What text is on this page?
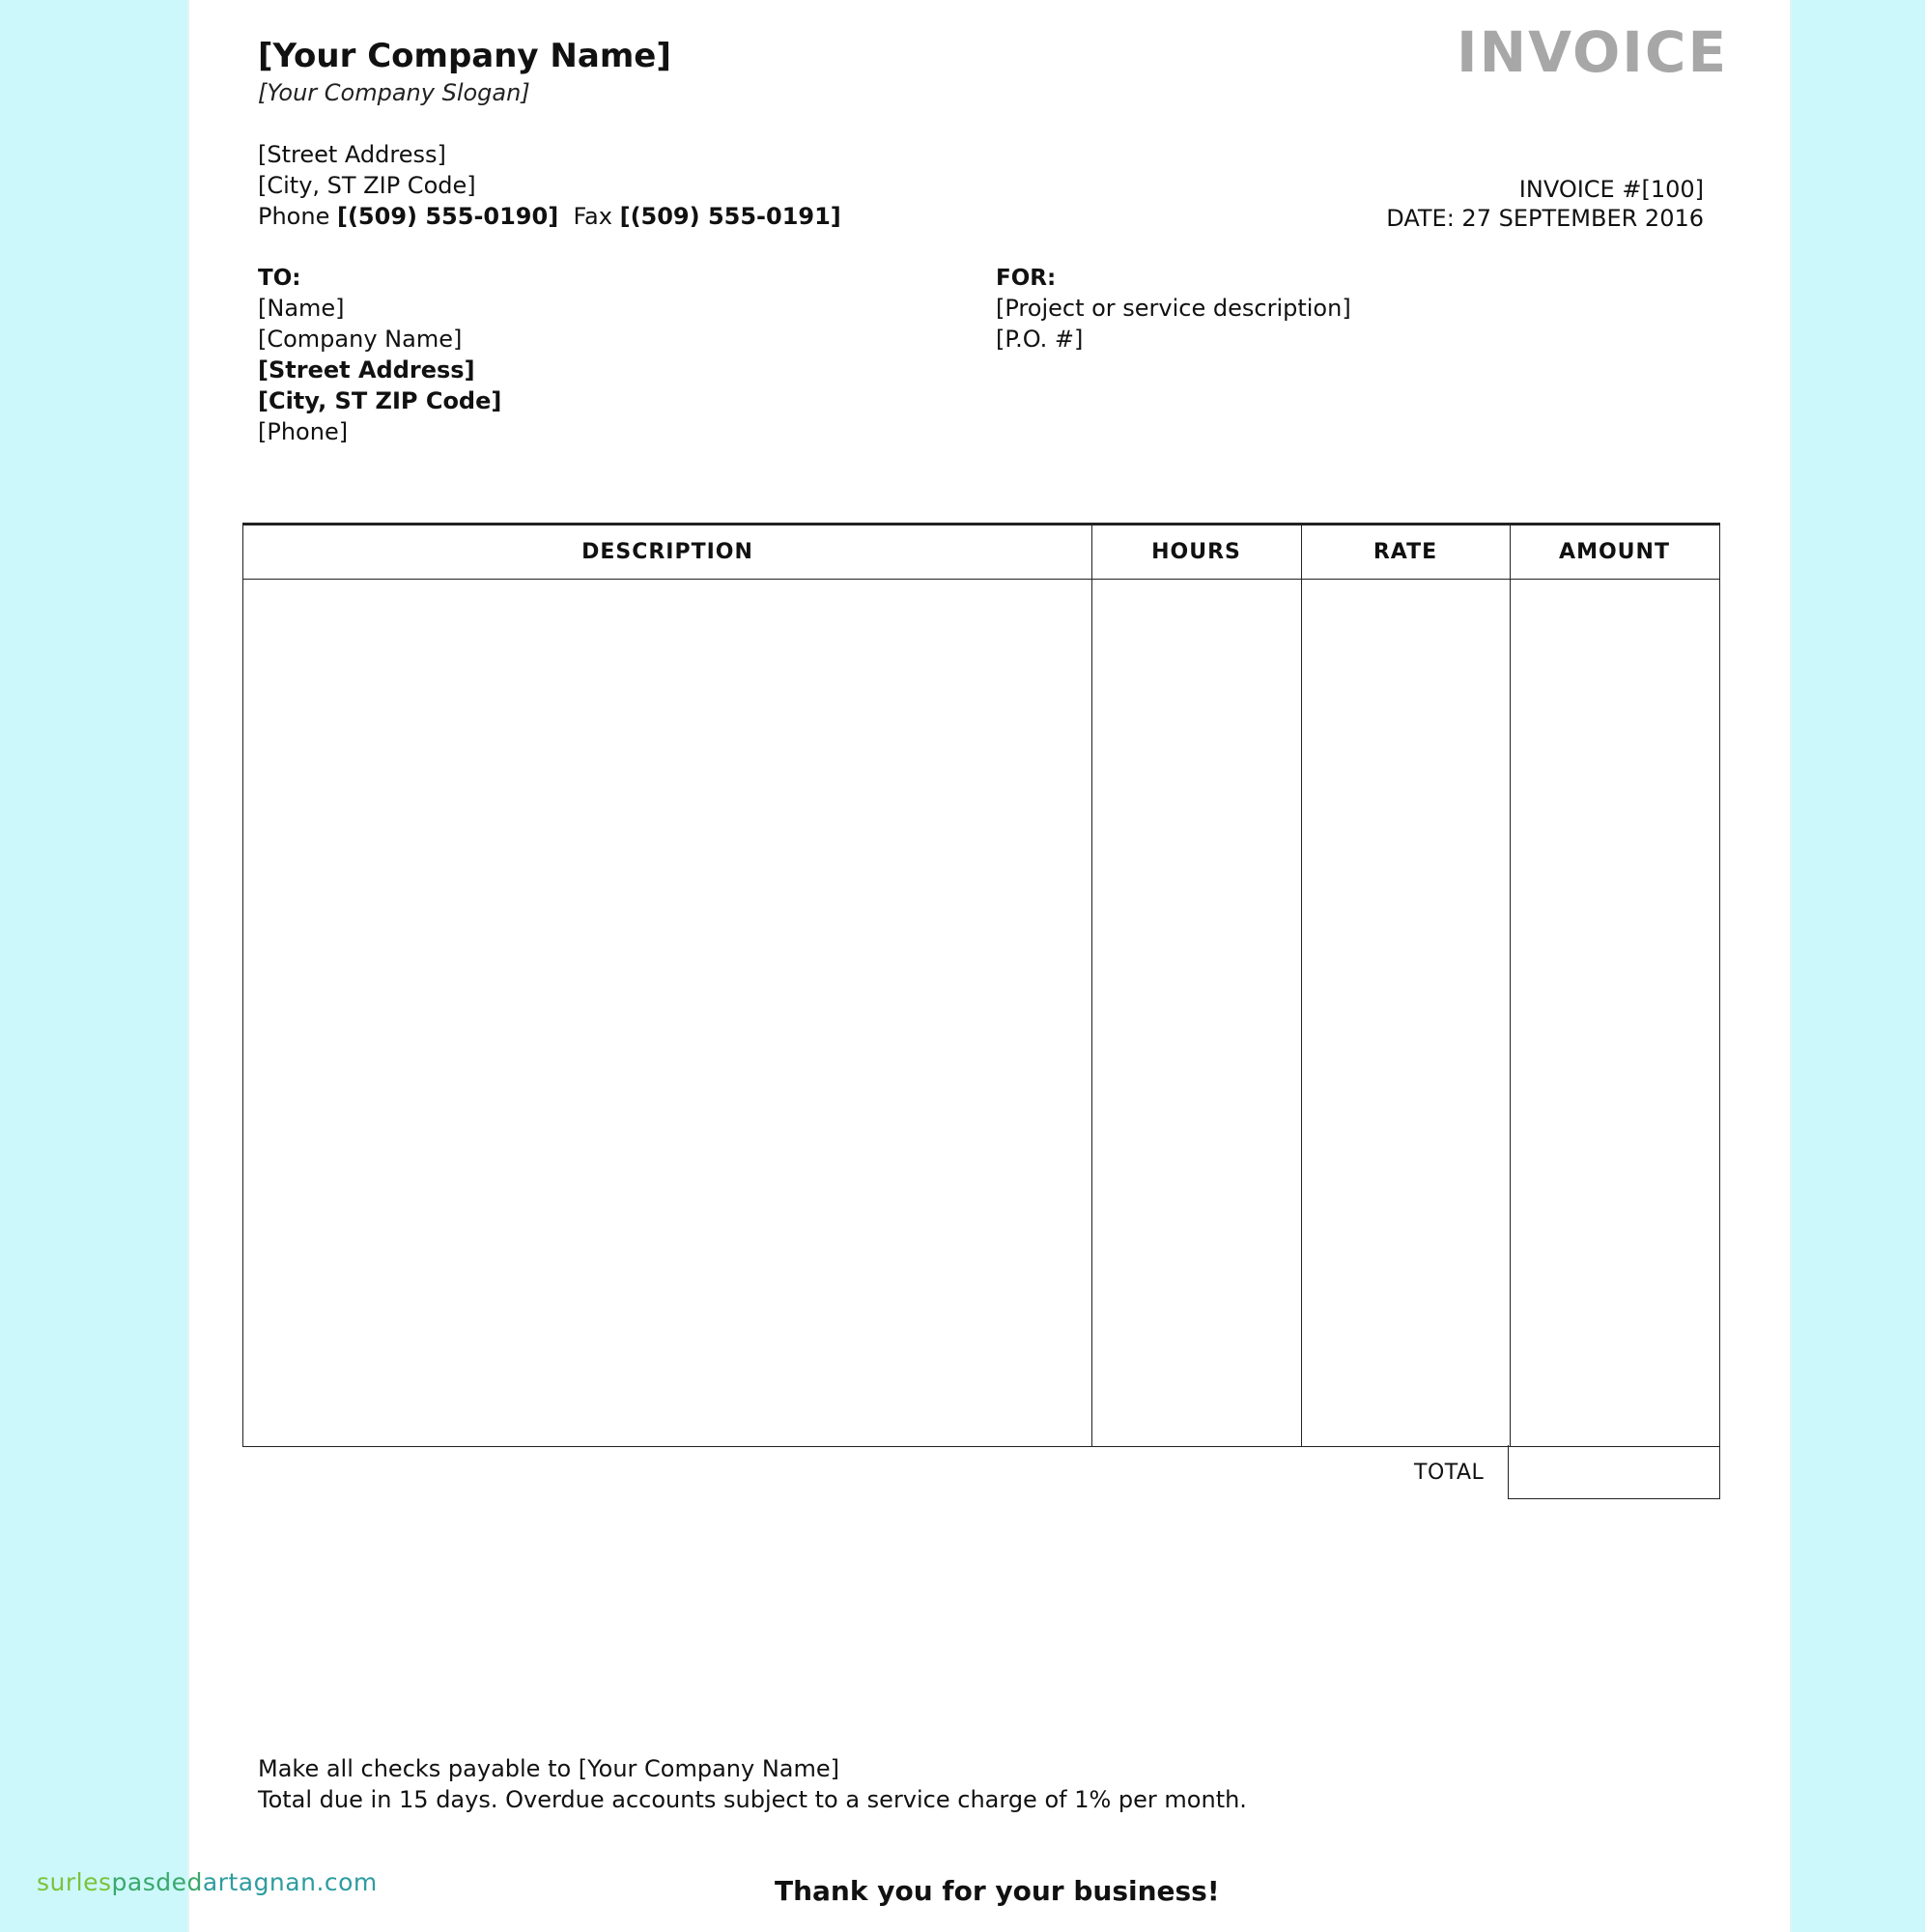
[Your Company Name]
[Your Company Slogan]
INVOICE
[Street Address]
[City, ST ZIP Code]
Phone [(509) 555-0190] Fax [(509) 555-0191]
INVOICE #[100]
DATE: 27 SEPTEMBER 2016
TO:
[Name]
[Company Name]
[Street Address]
[City, ST ZIP Code]
[Phone]
FOR:
[Project or service description]
[P.O. #]
DESCRIPTION	HOURS	RATE	AMOUNT
TOTAL
Make all checks payable to [Your Company Name]
Total due in 15 days. Overdue accounts subject to a service charge of 1% per month.
Thank you for your business!
surlespasdedartagnan.com
